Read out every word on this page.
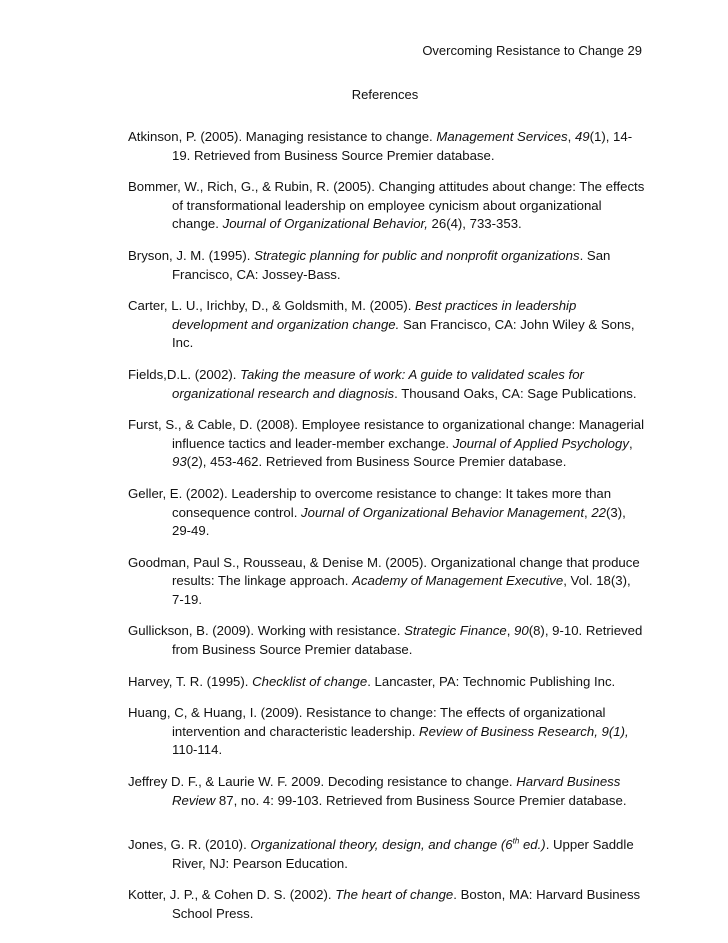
Overcoming Resistance to Change 29
References

Atkinson, P. (2005). Managing resistance to change. Management Services, 49(1), 14-19. Retrieved from Business Source Premier database.

Bommer, W., Rich, G., & Rubin, R. (2005). Changing attitudes about change: The effects of transformational leadership on employee cynicism about organizational change. Journal of Organizational Behavior, 26(4), 733-353.

Bryson, J. M. (1995). Strategic planning for public and nonprofit organizations. San Francisco, CA: Jossey-Bass.

Carter, L. U., Irichby, D., & Goldsmith, M. (2005). Best practices in leadership development and organization change. San Francisco, CA: John Wiley & Sons, Inc.

Fields,D.L. (2002). Taking the measure of work: A guide to validated scales for organizational research and diagnosis. Thousand Oaks, CA: Sage Publications.

Furst, S., & Cable, D. (2008). Employee resistance to organizational change: Managerial influence tactics and leader-member exchange. Journal of Applied Psychology, 93(2), 453-462. Retrieved from Business Source Premier database.

Geller, E. (2002). Leadership to overcome resistance to change: It takes more than consequence control. Journal of Organizational Behavior Management, 22(3), 29-49.

Goodman, Paul S., Rousseau, & Denise M. (2005). Organizational change that produce results: The linkage approach. Academy of Management Executive, Vol. 18(3), 7-19.

Gullickson, B. (2009). Working with resistance. Strategic Finance, 90(8), 9-10. Retrieved from Business Source Premier database.

Harvey, T. R. (1995). Checklist of change. Lancaster, PA: Technomic Publishing Inc.

Huang, C, & Huang, I. (2009). Resistance to change: The effects of organizational intervention and characteristic leadership. Review of Business Research, 9(1), 110-114.

Jeffrey D. F., & Laurie W. F. 2009. Decoding resistance to change. Harvard Business Review 87, no. 4: 99-103. Retrieved from Business Source Premier database.

Jones, G. R. (2010). Organizational theory, design, and change (6th ed.). Upper Saddle River, NJ: Pearson Education.

Kotter, J. P., & Cohen D. S. (2002). The heart of change. Boston, MA: Harvard Business School Press.
